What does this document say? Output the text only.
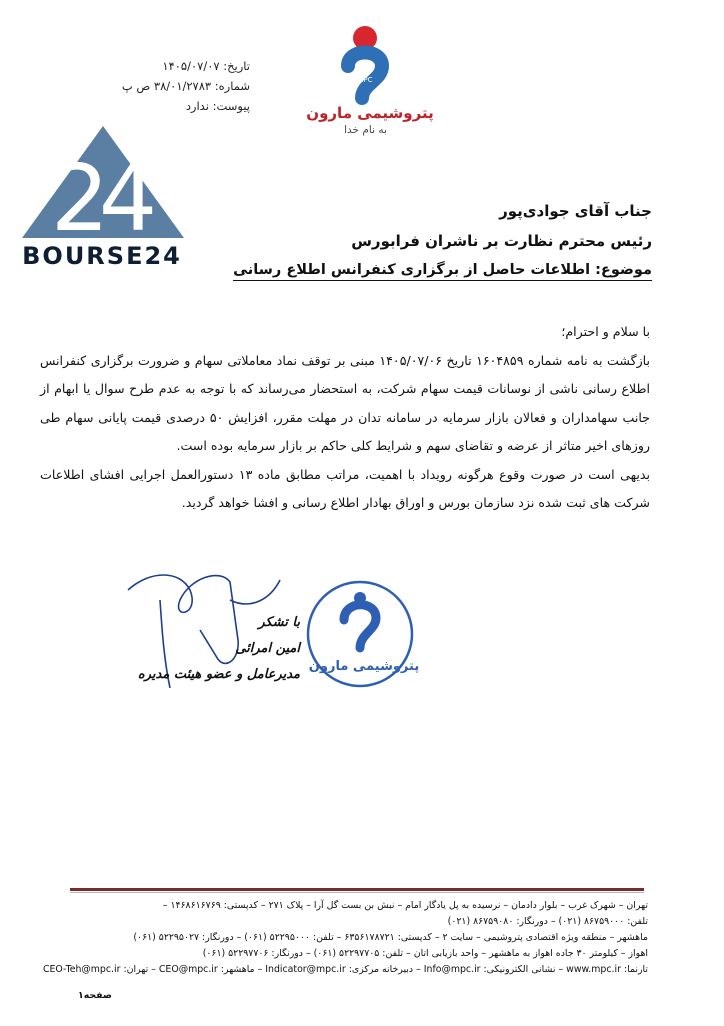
تاریخ: ۱۴۰۵/۰۷/۰۷
شماره: ۳۸/۰۱/۲۷۸۳ ص پ
پیوست: ندارد
MPC
پتروشیمی مارون
به نام خدا
2
4
BOURSE24
جناب آقای جوادی‌پور
رئیس محترم نظارت بر ناشران فرابورس
موضوع: اطلاعات حاصل از برگزاری کنفرانس اطلاع رسانی

با سلام و احترام؛

بازگشت به نامه شماره ۱۶۰۴۸۵۹ تاریخ ۱۴۰۵/۰۷/۰۶ مبنی بر توقف نماد معاملاتی سهام و ضرورت برگزاری کنفرانس اطلاع رسانی ناشی از نوسانات قیمت سهام شرکت، به استحضار می‌رساند که با توجه به عدم طرح سوال یا ابهام از جانب سهامداران و فعالان بازار سرمایه در سامانه تدان در مهلت مقرر، افزایش ۵۰ درصدی قیمت پایانی سهام طی روزهای اخیر متاثر از عرضه و تقاضای سهم و شرایط کلی حاکم بر بازار سرمایه بوده است.

بدیهی است در صورت وقوع هرگونه رویداد با اهمیت، مراتب مطابق ماده ۱۳ دستورالعمل اجرایی افشای اطلاعات شرکت های ثبت شده نزد سازمان بورس و اوراق بهادار اطلاع رسانی و افشا خواهد گردید.

با تشکر
امین امرائی
مدیرعامل و عضو هیئت مدیره
پتروشیمی مارون
تهران – شهرک غرب – بلوار دادمان – نرسیده به پل یادگار امام – نبش بن بست گل آرا – پلاک ۲۷۱ – کدپستی: ۱۴۶۸۶۱۶۷۶۹ –
تلفن: ۸۶۷۵۹۰۰۰ (۰۲۱) – دورنگار: ۸۶۷۵۹۰۸۰ (۰۲۱)
ماهشهر – منطقه ویژه اقتصادی پتروشیمی – سایت ۲ – کدپستی: ۶۳۵۶۱۷۸۷۲۱ – تلفن: ۵۲۲۹۵۰۰۰ (۰۶۱) – دورنگار: ۵۲۲۹۵۰۲۷ (۰۶۱)
اهواز – کیلومتر ۳۰ جاده اهواز به ماهشهر – واحد بازیابی اتان – تلفن: ۵۲۲۹۷۷۰۵ (۰۶۱) – دورنگار: ۵۲۲۹۷۷۰۶ (۰۶۱)
تارنما: www.mpc.ir – نشانی الکترونیکی: Info@mpc.ir – دبیرخانه مرکزی: Indicator@mpc.ir – ماهشهر: CEO@mpc.ir – تهران: CEO-Teh@mpc.ir
صفحه۱
